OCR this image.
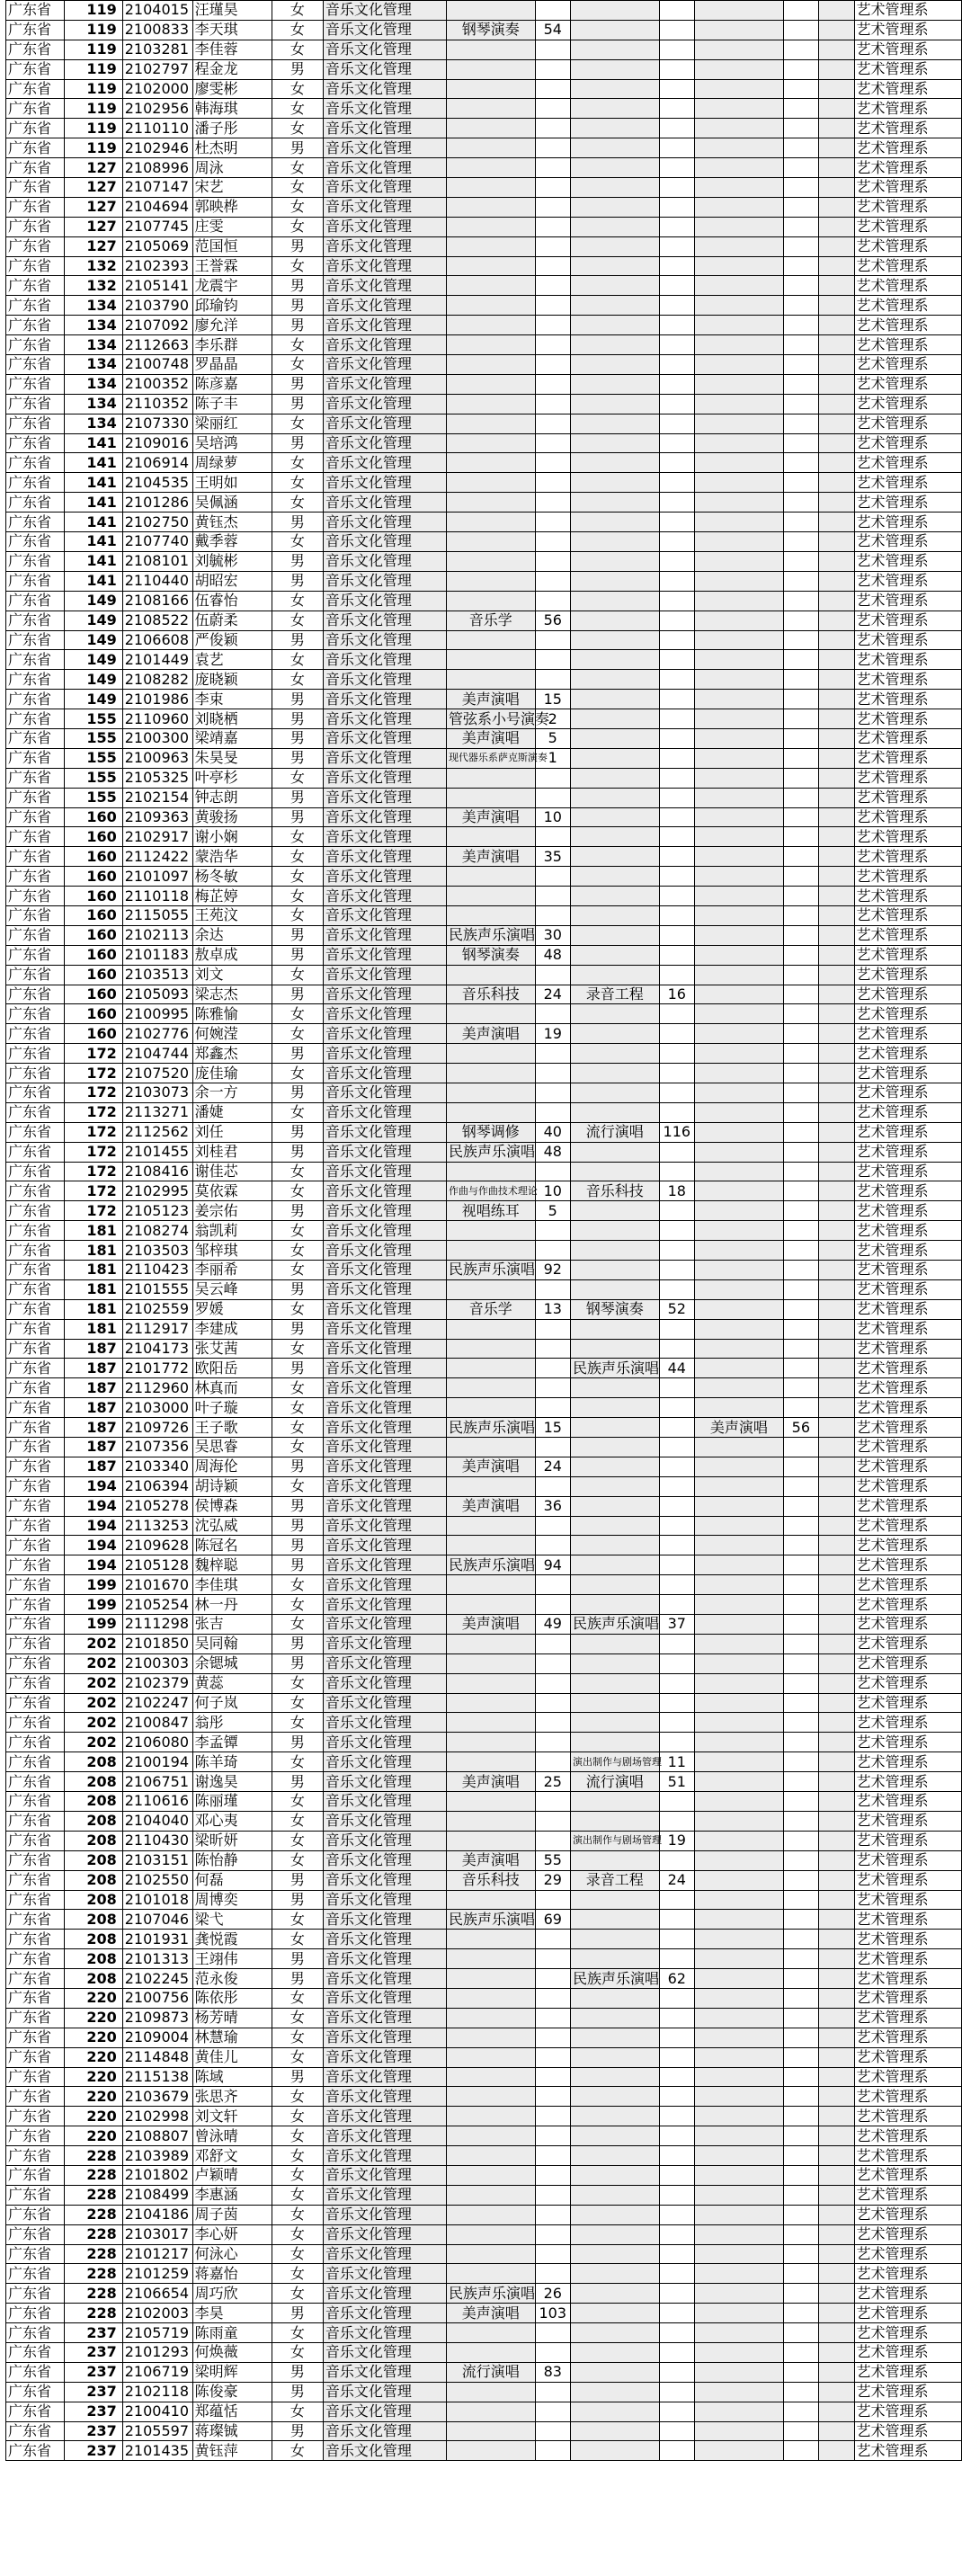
广东省	119	2104015	汪瑾昊	女	音乐文化管理								艺术管理系
广东省	119	2100833	李天琪	女	音乐文化管理	钢琴演奏	54						艺术管理系
广东省	119	2103281	李佳蓉	女	音乐文化管理								艺术管理系
广东省	119	2102797	程金龙	男	音乐文化管理								艺术管理系
广东省	119	2102000	廖雯彬	女	音乐文化管理								艺术管理系
广东省	119	2102956	韩海琪	女	音乐文化管理								艺术管理系
广东省	119	2110110	潘子彤	女	音乐文化管理								艺术管理系
广东省	119	2102946	杜杰明	男	音乐文化管理								艺术管理系
广东省	127	2108996	周泳	女	音乐文化管理								艺术管理系
广东省	127	2107147	宋艺	女	音乐文化管理								艺术管理系
广东省	127	2104694	郭映桦	女	音乐文化管理								艺术管理系
广东省	127	2107745	庄雯	女	音乐文化管理								艺术管理系
广东省	127	2105069	范国恒	男	音乐文化管理								艺术管理系
广东省	132	2102393	王誉霖	女	音乐文化管理								艺术管理系
广东省	132	2105141	龙震宇	男	音乐文化管理								艺术管理系
广东省	134	2103790	邱瑜钧	男	音乐文化管理								艺术管理系
广东省	134	2107092	廖允洋	男	音乐文化管理								艺术管理系
广东省	134	2112663	李乐群	女	音乐文化管理								艺术管理系
广东省	134	2100748	罗晶晶	女	音乐文化管理								艺术管理系
广东省	134	2100352	陈彦嘉	男	音乐文化管理								艺术管理系
广东省	134	2110352	陈子丰	男	音乐文化管理								艺术管理系
广东省	134	2107330	梁丽红	女	音乐文化管理								艺术管理系
广东省	141	2109016	吴培鸿	男	音乐文化管理								艺术管理系
广东省	141	2106914	周绿萝	女	音乐文化管理								艺术管理系
广东省	141	2104535	王明如	女	音乐文化管理								艺术管理系
广东省	141	2101286	吴佩涵	女	音乐文化管理								艺术管理系
广东省	141	2102750	黄钰杰	男	音乐文化管理								艺术管理系
广东省	141	2107740	戴季蓉	女	音乐文化管理								艺术管理系
广东省	141	2108101	刘毓彬	男	音乐文化管理								艺术管理系
广东省	141	2110440	胡昭宏	男	音乐文化管理								艺术管理系
广东省	149	2108166	伍睿怡	女	音乐文化管理								艺术管理系
广东省	149	2108522	伍蔚柔	女	音乐文化管理	音乐学	56						艺术管理系
广东省	149	2106608	严俊颖	男	音乐文化管理								艺术管理系
广东省	149	2101449	袁艺	女	音乐文化管理								艺术管理系
广东省	149	2108282	庞晓颖	女	音乐文化管理								艺术管理系
广东省	149	2101986	李束	男	音乐文化管理	美声演唱	15						艺术管理系
广东省	155	2110960	刘晓栖	男	音乐文化管理	管弦系小号演奏	2						艺术管理系
广东省	155	2100300	梁靖嘉	男	音乐文化管理	美声演唱	5						艺术管理系
广东省	155	2100963	朱昊旻	男	音乐文化管理	现代器乐系萨克斯演奏	1						艺术管理系
广东省	155	2105325	叶亭杉	女	音乐文化管理								艺术管理系
广东省	155	2102154	钟志朗	男	音乐文化管理								艺术管理系
广东省	160	2109363	黄骏扬	男	音乐文化管理	美声演唱	10						艺术管理系
广东省	160	2102917	谢小娴	女	音乐文化管理								艺术管理系
广东省	160	2112422	蒙浩华	女	音乐文化管理	美声演唱	35						艺术管理系
广东省	160	2101097	杨冬敏	女	音乐文化管理								艺术管理系
广东省	160	2110118	梅芷婷	女	音乐文化管理								艺术管理系
广东省	160	2115055	王苑汶	女	音乐文化管理								艺术管理系
广东省	160	2102113	余达	男	音乐文化管理	民族声乐演唱	30						艺术管理系
广东省	160	2101183	敖卓成	男	音乐文化管理	钢琴演奏	48						艺术管理系
广东省	160	2103513	刘文	女	音乐文化管理								艺术管理系
广东省	160	2105093	梁志杰	男	音乐文化管理	音乐科技	24	录音工程	16				艺术管理系
广东省	160	2100995	陈雅愉	女	音乐文化管理								艺术管理系
广东省	160	2102776	何婉滢	女	音乐文化管理	美声演唱	19						艺术管理系
广东省	172	2104744	郑鑫杰	男	音乐文化管理								艺术管理系
广东省	172	2107520	庞佳瑜	女	音乐文化管理								艺术管理系
广东省	172	2103073	余一方	男	音乐文化管理								艺术管理系
广东省	172	2113271	潘婕	女	音乐文化管理								艺术管理系
广东省	172	2112562	刘任	男	音乐文化管理	钢琴调修	40	流行演唱	116				艺术管理系
广东省	172	2101455	刘桂君	男	音乐文化管理	民族声乐演唱	48						艺术管理系
广东省	172	2108416	谢佳芯	女	音乐文化管理								艺术管理系
广东省	172	2102995	莫依霖	女	音乐文化管理	作曲与作曲技术理论	10	音乐科技	18				艺术管理系
广东省	172	2105123	姜宗佑	男	音乐文化管理	视唱练耳	5						艺术管理系
广东省	181	2108274	翁凯莉	女	音乐文化管理								艺术管理系
广东省	181	2103503	邹梓琪	女	音乐文化管理								艺术管理系
广东省	181	2110423	李丽希	女	音乐文化管理	民族声乐演唱	92						艺术管理系
广东省	181	2101555	吴云峰	男	音乐文化管理								艺术管理系
广东省	181	2102559	罗媛	女	音乐文化管理	音乐学	13	钢琴演奏	52				艺术管理系
广东省	181	2112917	李建成	男	音乐文化管理								艺术管理系
广东省	187	2104173	张艾茜	女	音乐文化管理								艺术管理系
广东省	187	2101772	欧阳岳	男	音乐文化管理			民族声乐演唱	44				艺术管理系
广东省	187	2112960	林真而	女	音乐文化管理								艺术管理系
广东省	187	2103000	叶子璇	女	音乐文化管理								艺术管理系
广东省	187	2109726	王子歌	女	音乐文化管理	民族声乐演唱	15			美声演唱	56		艺术管理系
广东省	187	2107356	吴思睿	女	音乐文化管理								艺术管理系
广东省	187	2103340	周海伦	男	音乐文化管理	美声演唱	24						艺术管理系
广东省	194	2106394	胡诗颖	女	音乐文化管理								艺术管理系
广东省	194	2105278	侯博森	男	音乐文化管理	美声演唱	36						艺术管理系
广东省	194	2113253	沈弘威	男	音乐文化管理								艺术管理系
广东省	194	2109628	陈冠名	男	音乐文化管理								艺术管理系
广东省	194	2105128	魏梓聪	男	音乐文化管理	民族声乐演唱	94						艺术管理系
广东省	199	2101670	李佳琪	女	音乐文化管理								艺术管理系
广东省	199	2105254	林一丹	女	音乐文化管理								艺术管理系
广东省	199	2111298	张吉	女	音乐文化管理	美声演唱	49	民族声乐演唱	37				艺术管理系
广东省	202	2101850	吴同翰	男	音乐文化管理								艺术管理系
广东省	202	2100303	余锶城	男	音乐文化管理								艺术管理系
广东省	202	2102379	黄蕊	女	音乐文化管理								艺术管理系
广东省	202	2102247	何子岚	女	音乐文化管理								艺术管理系
广东省	202	2100847	翁彤	女	音乐文化管理								艺术管理系
广东省	202	2106080	李孟镡	男	音乐文化管理								艺术管理系
广东省	208	2100194	陈羊琦	女	音乐文化管理			演出制作与剧场管理	11				艺术管理系
广东省	208	2106751	谢逸昊	男	音乐文化管理	美声演唱	25	流行演唱	51				艺术管理系
广东省	208	2110616	陈丽瑾	女	音乐文化管理								艺术管理系
广东省	208	2104040	邓心夷	女	音乐文化管理								艺术管理系
广东省	208	2110430	梁昕妍	女	音乐文化管理			演出制作与剧场管理	19				艺术管理系
广东省	208	2103151	陈怡静	女	音乐文化管理	美声演唱	55						艺术管理系
广东省	208	2102550	何磊	男	音乐文化管理	音乐科技	29	录音工程	24				艺术管理系
广东省	208	2101018	周博奕	男	音乐文化管理								艺术管理系
广东省	208	2107046	梁弋	女	音乐文化管理	民族声乐演唱	69						艺术管理系
广东省	208	2101931	龚悦霞	女	音乐文化管理								艺术管理系
广东省	208	2101313	王翊伟	男	音乐文化管理								艺术管理系
广东省	208	2102245	范永俊	男	音乐文化管理			民族声乐演唱	62				艺术管理系
广东省	220	2100756	陈依彤	女	音乐文化管理								艺术管理系
广东省	220	2109873	杨芳晴	女	音乐文化管理								艺术管理系
广东省	220	2109004	林慧瑜	女	音乐文化管理								艺术管理系
广东省	220	2114848	黄佳儿	女	音乐文化管理								艺术管理系
广东省	220	2115138	陈域	男	音乐文化管理								艺术管理系
广东省	220	2103679	张思齐	女	音乐文化管理								艺术管理系
广东省	220	2102998	刘文轩	女	音乐文化管理								艺术管理系
广东省	220	2108807	曾泳晴	女	音乐文化管理								艺术管理系
广东省	228	2103989	邓舒文	女	音乐文化管理								艺术管理系
广东省	228	2101802	卢颖晴	女	音乐文化管理								艺术管理系
广东省	228	2108499	李惠涵	女	音乐文化管理								艺术管理系
广东省	228	2104186	周子茵	女	音乐文化管理								艺术管理系
广东省	228	2103017	李心妍	女	音乐文化管理								艺术管理系
广东省	228	2101217	何泳心	女	音乐文化管理								艺术管理系
广东省	228	2101259	蒋嘉怡	女	音乐文化管理								艺术管理系
广东省	228	2106654	周巧欣	女	音乐文化管理	民族声乐演唱	26						艺术管理系
广东省	228	2102003	李昊	男	音乐文化管理	美声演唱	103						艺术管理系
广东省	237	2105719	陈雨童	女	音乐文化管理								艺术管理系
广东省	237	2101293	何焕薇	女	音乐文化管理								艺术管理系
广东省	237	2106719	梁明辉	男	音乐文化管理	流行演唱	83						艺术管理系
广东省	237	2102118	陈俊豪	男	音乐文化管理								艺术管理系
广东省	237	2100410	郑蕴恬	女	音乐文化管理								艺术管理系
广东省	237	2105597	蒋璨铖	男	音乐文化管理								艺术管理系
广东省	237	2101435	黄钰萍	女	音乐文化管理								艺术管理系
